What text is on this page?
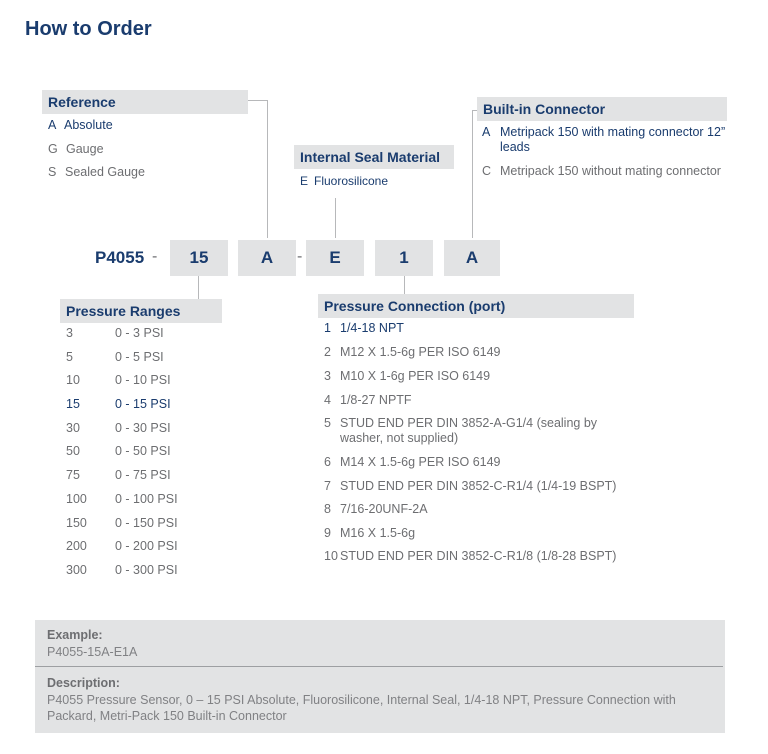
How to Order
Reference
A Absolute
G Gauge
S Sealed Gauge
Internal Seal Material
E Fluorosilicone
Built-in Connector
A Metripack 150 with mating connector 12”
leads
C Metripack 150 without mating connector
P4055 -	15	A	-	E	1	A
Pressure Ranges
3	0 - 3 PSI
5	0 - 5 PSI
10	0 - 10 PSI
15	0 - 15 PSI
30	0 - 30 PSI
50	0 - 50 PSI
75	0 - 75 PSI
100 0 - 100 PSI
150 0 - 150 PSI
200 0 - 200 PSI
300 0 - 300 PSI
Pressure Connection (port)
1 1/4-18 NPT
2 M12 X 1.5-6g PER ISO 6149
3 M10 X 1-6g PER ISO 6149
4 1/8-27 NPTF
5 STUD END PER DIN 3852-A-G1/4 (sealing by
washer, not supplied)
6 M14 X 1.5-6g PER ISO 6149
7 STUD END PER DIN 3852-C-R1/4 (1/4-19 BSPT)
8 7/16-20UNF-2A
9 M16 X 1.5-6g
10 STUD END PER DIN 3852-C-R1/8 (1/8-28 BSPT)
Example:
P4055-15A-E1A
Description:
P4055 Pressure Sensor, 0 – 15 PSI Absolute, Fluorosilicone, Internal Seal, 1/4-18 NPT, Pressure Connection with
Packard, Metri-Pack 150 Built-in Connector
